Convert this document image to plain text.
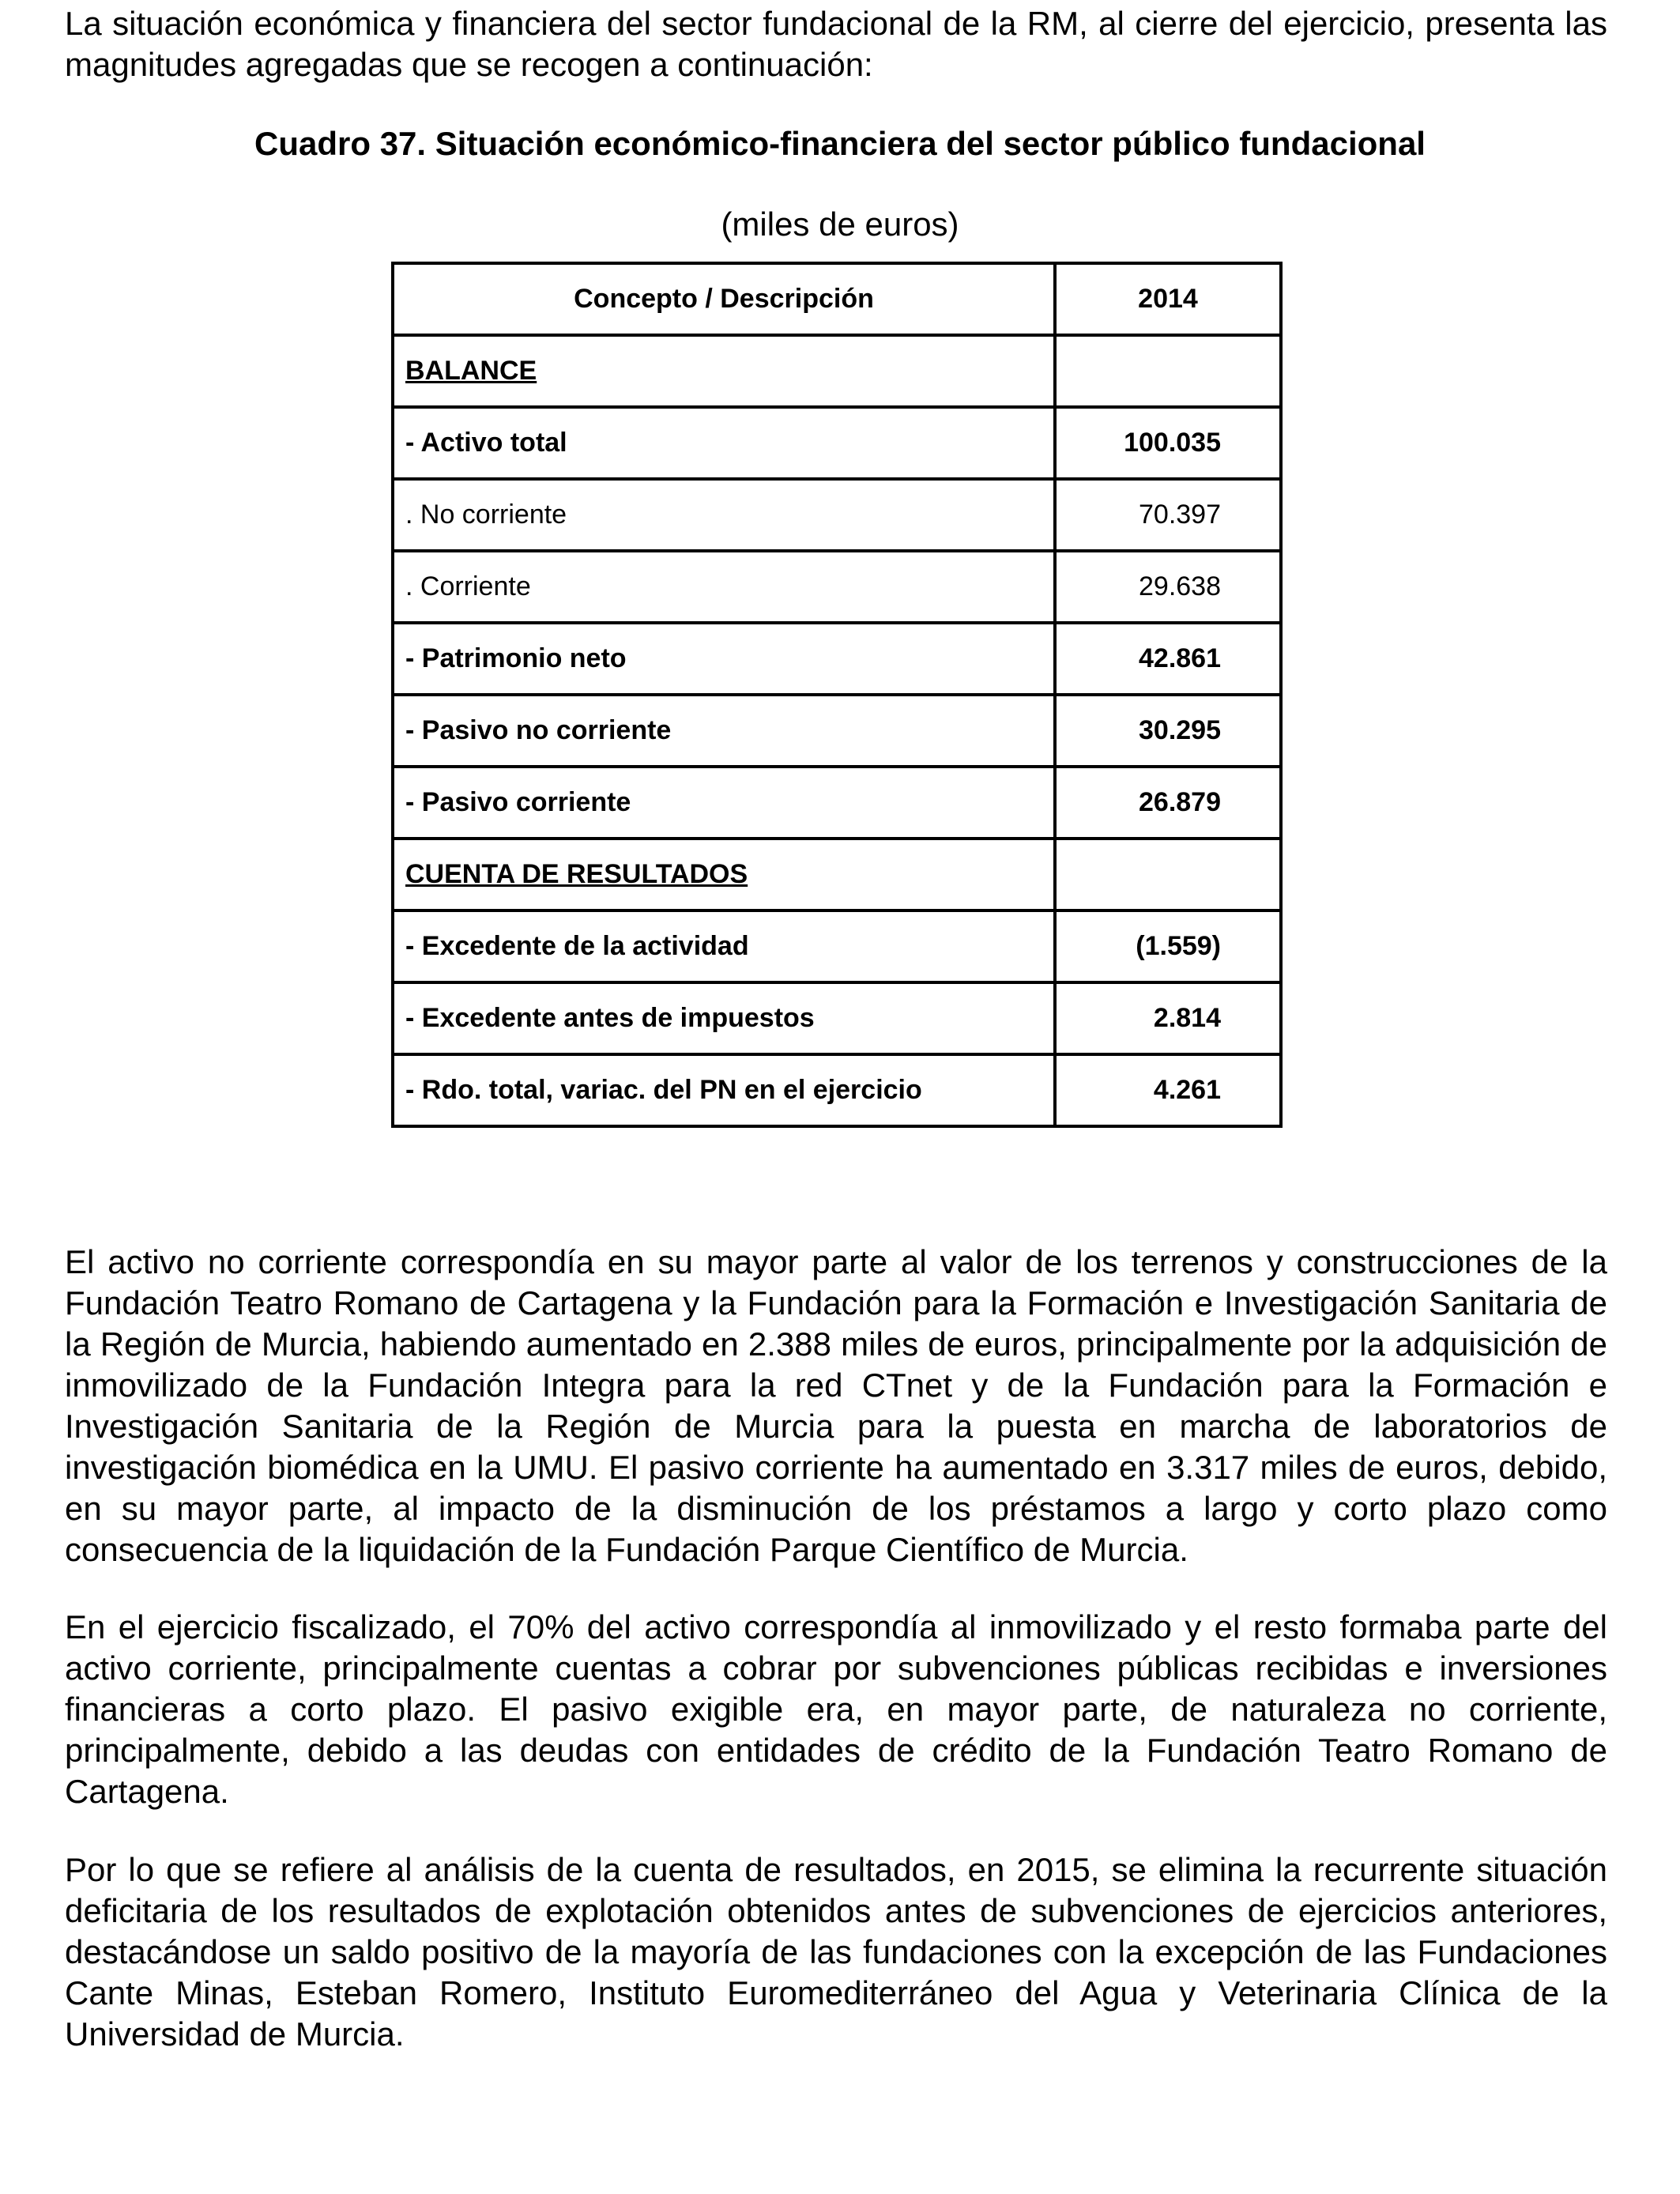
La situación económica y financiera del sector fundacional de la RM, al cierre del ejercicio, presenta las magnitudes agregadas que se recogen a continuación:

Cuadro 37. Situación económico-financiera del sector público fundacional

(miles de euros)

Concepto / Descripción	2014
BALANCE	
- Activo total	100.035
. No corriente	70.397
. Corriente	29.638
- Patrimonio neto	42.861
- Pasivo no corriente	30.295
- Pasivo corriente	26.879
CUENTA DE RESULTADOS	
- Excedente de la actividad	(1.559)
- Excedente antes de impuestos	2.814
- Rdo. total, variac. del PN en el ejercicio	4.261

El activo no corriente correspondía en su mayor parte al valor de los terrenos y construcciones de la Fundación Teatro Romano de Cartagena y la Fundación para la Formación e Investigación Sanitaria de la Región de Murcia, habiendo aumentado en 2.388 miles de euros, principalmente por la adquisición de inmovilizado de la Fundación Integra para la red CTnet y de la Fundación para la Formación e Investigación Sanitaria de la Región de Murcia para la puesta en marcha de laboratorios de investigación biomédica en la UMU. El pasivo corriente ha aumentado en 3.317 miles de euros, debido, en su mayor parte, al impacto de la disminución de los préstamos a largo y corto plazo como consecuencia de la liquidación de la Fundación Parque Científico de Murcia.

En el ejercicio fiscalizado, el 70% del activo correspondía al inmovilizado y el resto formaba parte del activo corriente, principalmente cuentas a cobrar por subvenciones públicas recibidas e inversiones financieras a corto plazo. El pasivo exigible era, en mayor parte, de naturaleza no corriente, principalmente, debido a las deudas con entidades de crédito de la Fundación Teatro Romano de Cartagena.

Por lo que se refiere al análisis de la cuenta de resultados, en 2015, se elimina la recurrente situación deficitaria de los resultados de explotación obtenidos antes de subvenciones de ejercicios anteriores, destacándose un saldo positivo de la mayoría de las fundaciones con la excepción de las Fundaciones Cante Minas, Esteban Romero, Instituto Euromediterráneo del Agua y Veterinaria Clínica de la Universidad de Murcia.
